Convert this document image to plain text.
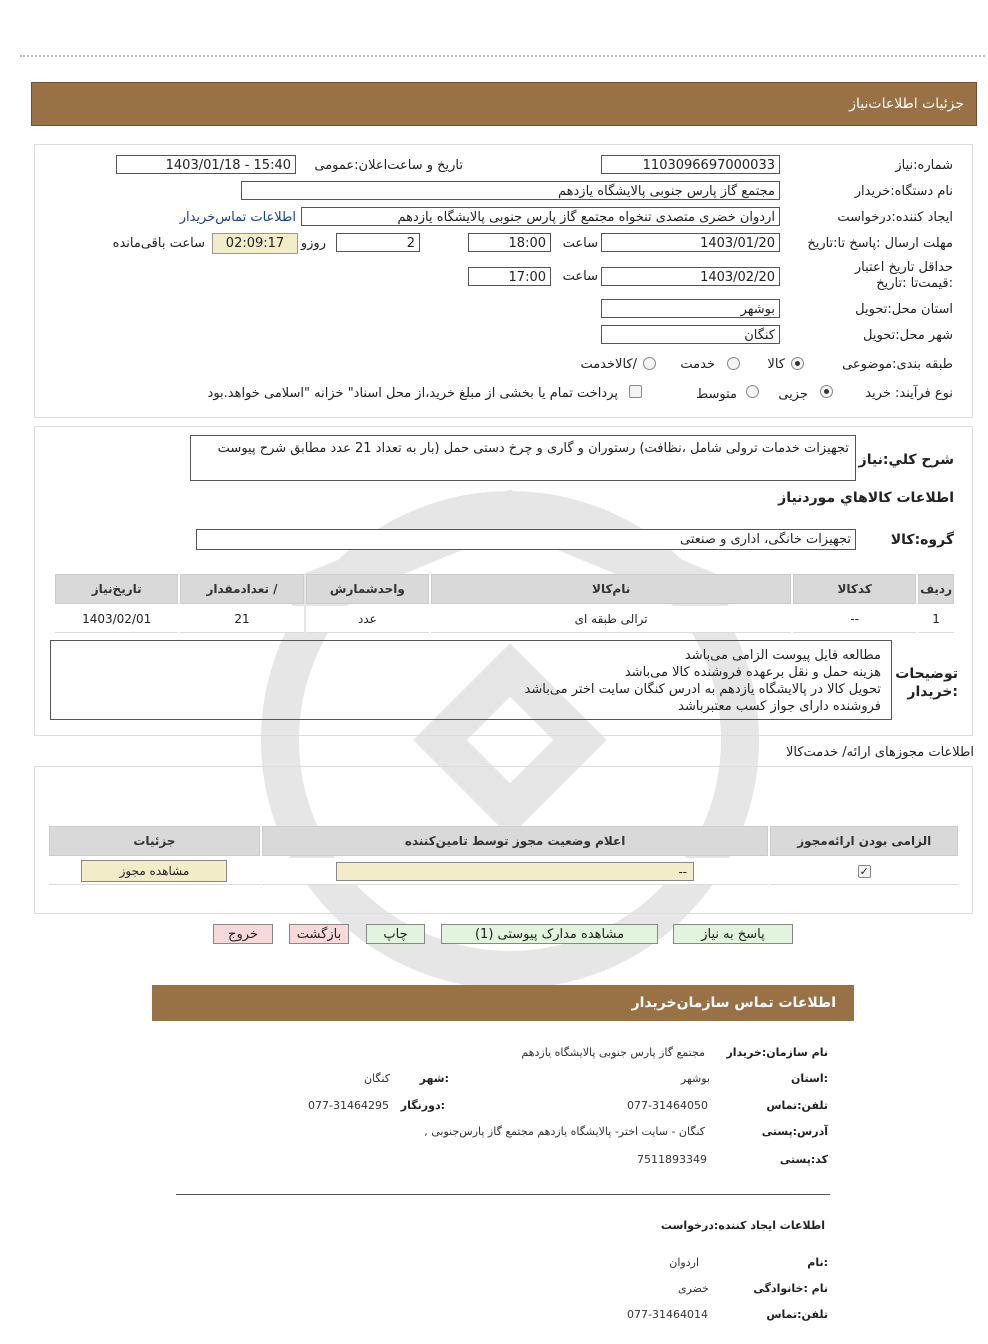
جزئیات اطلاعات‌نیاز
شماره:نیاز
1103096697000033
تاریخ و ساعت‌اعلان:عمومی
1403/01/18 - 15:40
نام دستگاه:خریدار
مجتمع گاز پارس جنوبی پالایشگاه یازدهم
ایجاد کننده:درخواست
اردوان خضری متصدی تنخواه مجتمع گاز پارس جنوبی پالایشگاه یازدهم
اطلاعات تماس‌خریدار
مهلت ارسال :پاسخ تا:تاریخ
1403/01/20
ساعت
18:00
2
روزو
02:09:17
ساعت باقی‌مانده
حداقل تاریخ اعتبار :قیمت‌تا :تاریخ
1403/02/20
ساعت
17:00
استان محل:تحویل
بوشهر
شهر محل:تحویل
کنگان
طبقه بندی:موضوعی
کالا
خدمت
/کالاخدمت
نوع فرآیند: خرید
جزیی
متوسط
پرداخت تمام یا بخشی از مبلغ خرید،از محل اسناد" خزانه "اسلامی خواهد.بود
شرح کلي:نیاز
تجهیزات خدمات ترولی شامل ،نظافت) رستوران و گاری و چرخ دستی حمل (بار به تعداد 21 عدد مطابق شرح پیوست
اطلاعات کالاهاي مورد‌نیاز
گروه:کالا
تجهیزات خانگی، اداری و صنعتی
ردیف	کدکالا	نام‌کالا	واحدشمارش	/ تعدادمقدار	تاریخ‌نیاز
1	--	ترالی طبقه ای	عدد	21	1403/02/01
توضیحات :خریدار
مطالعه فایل پیوست الزامی می‌باشد
هزینه حمل و نقل برعهده فروشنده کالا می‌باشد
تحویل کالا در پالایشگاه یازدهم به ادرس کنگان سایت اختر می‌باشد
فروشنده دارای جواز کسب معتبرباشد
اطلاعات مجوزهای ارائه/ خدمت‌کالا
الزامی بودن ارائه‌مجوز	اعلام وضعیت مجوز توسط تامین‌کننده	جزئیات
✓	--	مشاهده مجوز
پاسخ به نیاز
مشاهده مدارک پیوستی (1)
چاپ
بازگشت
خروج
اطلاعات تماس سازمان‌خریدار
نام سازمان:خریدار
مجتمع گاز پارس جنوبی پالایشگاه یازدهم
:استان
بوشهر
:شهر
کنگان
تلفن:تماس
077-31464050
:دورنگار
077-31464295
آدرس:پستی
کنگان - سایت اختر- پالایشگاه یازدهم مجتمع گاز پارس‌جنوبی ,
کد:پستی
7511893349
اطلاعات ایجاد کننده:درخواست
:نام
اردوان
نام :خانوادگی
خضری
تلفن:تماس
077-31464014
